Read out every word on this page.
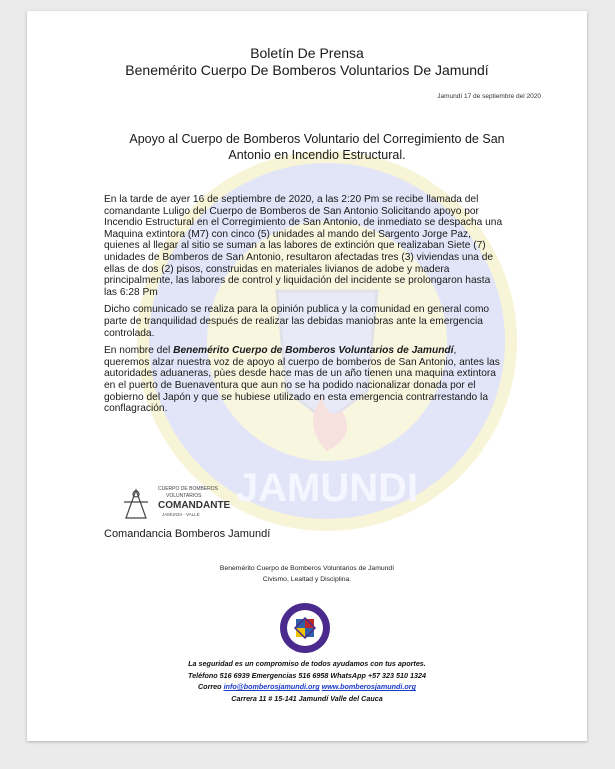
JAMUNDI
Boletín De Prensa
Benemérito Cuerpo De Bomberos Voluntarios De Jamundí
Jamundí 17 de septiembre del 2020
Apoyo al Cuerpo de Bomberos Voluntario del Corregimiento de San
Antonio en Incendio Estructural.

En la tarde de ayer 16 de septiembre de 2020, a las 2:20 Pm se recibe llamada del comandante Luligo del Cuerpo de Bomberos de San Antonio Solicitando apoyo por Incendio Estructural en el Corregimiento de San Antonio, de inmediato se despacha una Maquina extintora (M7) con cinco (5) unidades al mando del Sargento Jorge Paz, quienes al llegar al sitio se suman a las labores de extinción que realizaban Siete (7) unidades de Bomberos de San Antonio, resultaron afectadas tres (3) viviendas una de ellas de dos (2) pisos, construidas en materiales livianos de adobe y madera principalmente, las labores de control y liquidación del incidente se prolongaron hasta las 6:28 Pm

Dicho comunicado se realiza para la opinión publica y la comunidad en general como parte de tranquilidad después de realizar las debidas maniobras ante la emergencia controlada.

En nombre del Benemérito Cuerpo de Bomberos Voluntarios de Jamundí, queremos alzar nuestra voz de apoyo al cuerpo de bomberos de San Antonio, antes las autoridades aduaneras, pùes desde hace mas de un año tienen una maquina extintora en el puerto de Buenaventura que aun no se ha podido nacionalizar donada por el gobierno del Japón y que se hubiese utilizado en esta emergencia contrarrestando la conflagración.

CUERPO DE BOMBEROS
VOLUNTARIOS
COMANDANTE
JAMUNDI - VALLE
Comandancia Bomberos Jamundí
Benemérito Cuerpo de Bomberos Voluntarios de Jamundí
Civismo, Lealtad y Disciplina.
La seguridad es un compromiso de todos ayudamos con tus aportes.
Teléfono 516 6939 Emergencias 516 6958 WhatsApp +57 323 510 1324
Correo info@bomberosjamundi.org www.bomberosjamundi.org
Carrera 11 # 15-141 Jamundí Valle del Cauca
